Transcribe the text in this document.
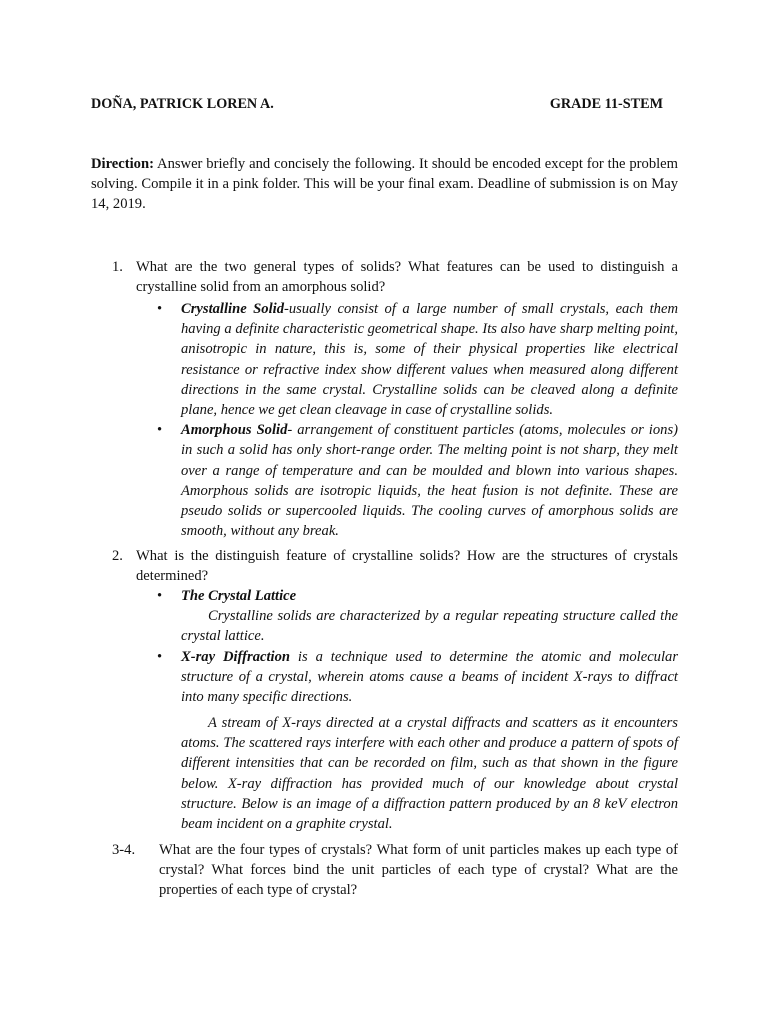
DOÑA, PATRICK LOREN A.	GRADE 11-STEM
Direction: Answer briefly and concisely the following. It should be encoded except for the problem solving. Compile it in a pink folder. This will be your final exam. Deadline of submission is on May 14, 2019.
1. What are the two general types of solids? What features can be used to distinguish a crystalline solid from an amorphous solid?
• Crystalline Solid-usually consist of a large number of small crystals, each them having a definite characteristic geometrical shape. Its also have sharp melting point, anisotropic in nature, this is, some of their physical properties like electrical resistance or refractive index show different values when measured along different directions in the same crystal. Crystalline solids can be cleaved along a definite plane, hence we get clean cleavage in case of crystalline solids.
• Amorphous Solid- arrangement of constituent particles (atoms, molecules or ions) in such a solid has only short-range order. The melting point is not sharp, they melt over a range of temperature and can be moulded and blown into various shapes. Amorphous solids are isotropic liquids, the heat fusion is not definite. These are pseudo solids or supercooled liquids. The cooling curves of amorphous solids are smooth, without any break.
2. What is the distinguish feature of crystalline solids? How are the structures of crystals determined?
• The Crystal Lattice
Crystalline solids are characterized by a regular repeating structure called the crystal lattice.
• X-ray Diffraction is a technique used to determine the atomic and molecular structure of a crystal, wherein atoms cause a beams of incident X-rays to diffract into many specific directions.
A stream of X-rays directed at a crystal diffracts and scatters as it encounters atoms. The scattered rays interfere with each other and produce a pattern of spots of different intensities that can be recorded on film, such as that shown in the figure below. X-ray diffraction has provided much of our knowledge about crystal structure. Below is an image of a diffraction pattern produced by an 8 keV electron beam incident on a graphite crystal.
3-4. What are the four types of crystals? What form of unit particles makes up each type of crystal? What forces bind the unit particles of each type of crystal? What are the properties of each type of crystal?
